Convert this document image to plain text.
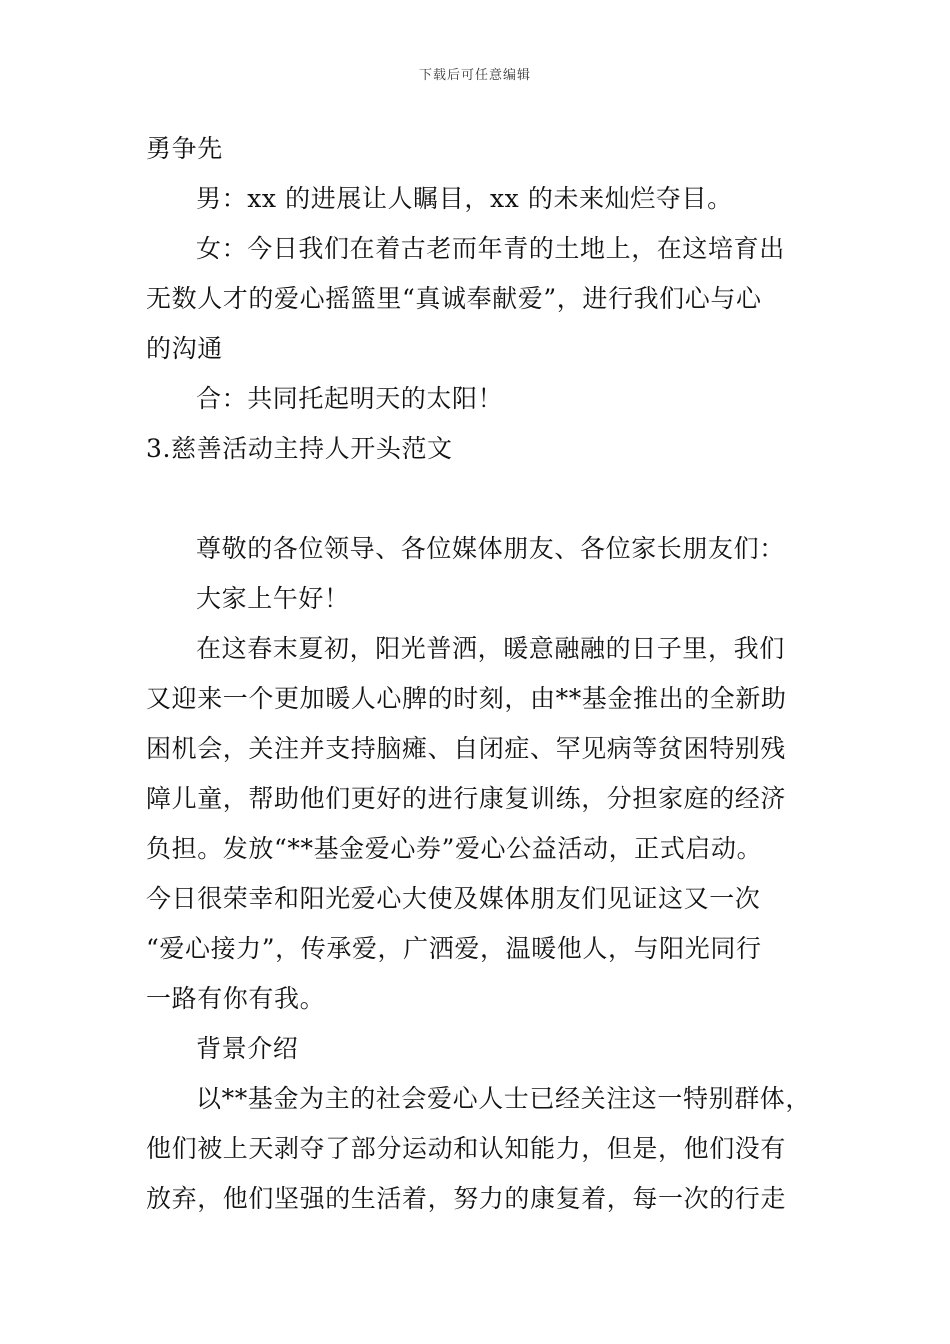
下载后可任意编辑
勇争先
男：xx 的进展让人瞩目，xx 的未来灿烂夺目。
女：今日我们在着古老而年青的土地上，在这培育出
无数人才的爱心摇篮里“真诚奉献爱”，进行我们心与心
的沟通
合：共同托起明天的太阳！
3.慈善活动主持人开头范文
尊敬的各位领导、各位媒体朋友、各位家长朋友们：
大家上午好！
在这春末夏初，阳光普洒，暖意融融的日子里，我们
又迎来一个更加暖人心脾的时刻，由**基金推出的全新助
困机会，关注并支持脑瘫、自闭症、罕见病等贫困特别残
障儿童，帮助他们更好的进行康复训练，分担家庭的经济
负担。发放“**基金爱心券”爱心公益活动，正式启动。
今日很荣幸和阳光爱心大使及媒体朋友们见证这又一次
“爱心接力”，传承爱，广洒爱，温暖他人，与阳光同行
一路有你有我。
背景介绍
以**基金为主的社会爱心人士已经关注这一特别群体，
他们被上天剥夺了部分运动和认知能力，但是，他们没有
放弃，他们坚强的生活着，努力的康复着，每一次的行走
